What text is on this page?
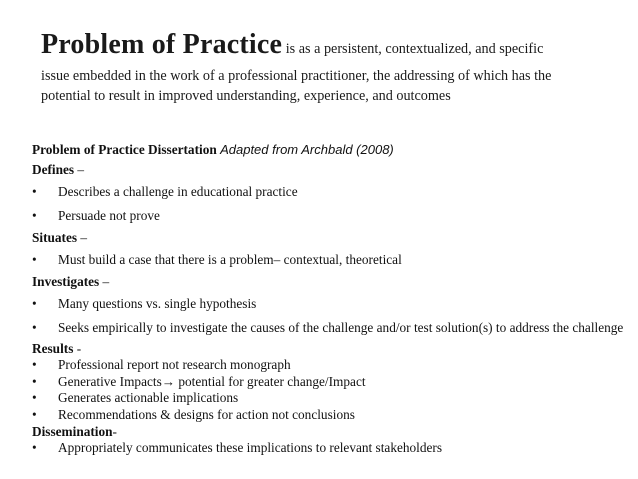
Problem of Practice is as a persistent, contextualized, and specific
issue embedded in the work of a professional practitioner, the addressing of which has the
potential to result in improved understanding, experience, and outcomes
Problem of Practice Dissertation Adapted from Archbald (2008)
Defines –
•	Describes a challenge in educational practice
•	Persuade not prove
Situates –
•	Must build a case that there is a problem– contextual, theoretical
Investigates –
•	Many questions vs. single hypothesis
•	Seeks empirically to investigate the causes of the challenge and/or test solution(s) to address the challenge
Results -
•	Professional report not research monograph
•	Generative Impacts→ potential for greater change/Impact
•	Generates actionable implications
•	Recommendations & designs for action not conclusions
Dissemination-
•	Appropriately communicates these implications to relevant stakeholders
